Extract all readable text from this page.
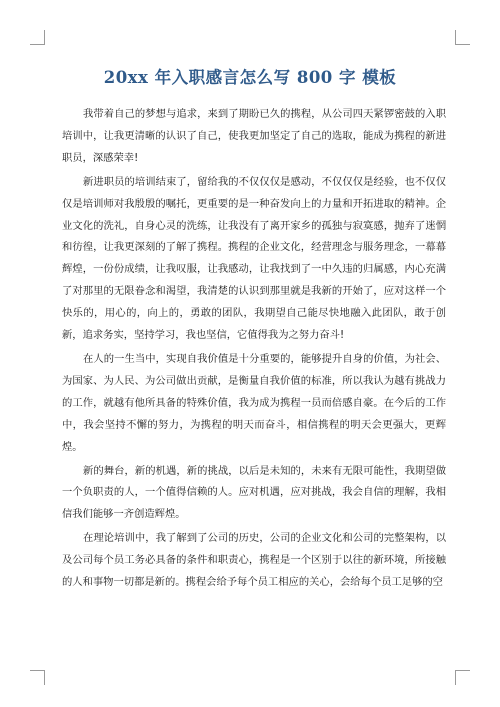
20xx 年入职感言怎么写 800 字 模板

我带着自己的梦想与追求，来到了期盼已久的携程，从公司四天紧锣密鼓的入职培训中，让我更清晰的认识了自己，使我更加坚定了自己的选取，能成为携程的新进职员，深感荣幸!

新进职员的培训结束了，留给我的不仅仅仅是感动，不仅仅仅是经验，也不仅仅仅是培训师对我殷殷的嘱托，更重要的是一种奋发向上的力量和开拓进取的精神。企业文化的洗礼，自身心灵的洗练，让我没有了离开家乡的孤独与寂寞感，抛弃了迷惘和彷徨，让我更深刻的了解了携程。携程的企业文化，经营理念与服务理念，一幕幕辉煌，一份份成绩，让我叹服，让我感动，让我找到了一中久违的归属感，内心充满了对那里的无限眷念和渴望，我清楚的认识到那里就是我新的开始了，应对这样一个快乐的，用心的，向上的，勇敢的团队，我期望自己能尽快地融入此团队，敢于创新，追求务实，坚持学习，我也坚信，它值得我为之努力奋斗!

在人的一生当中，实现自我价值是十分重要的，能够提升自身的价值，为社会、为国家、为人民、为公司做出贡献，是衡量自我价值的标准，所以我认为越有挑战力的工作，就越有他所具备的特殊价值，我为成为携程一员而倍感自豪。在今后的工作中，我会坚持不懈的努力，为携程的明天而奋斗，相信携程的明天会更强大，更辉煌。

新的舞台，新的机遇，新的挑战，以后是未知的，未来有无限可能性，我期望做一个负职责的人，一个值得信赖的人。应对机遇，应对挑战，我会自信的理解，我相信我们能够一齐创造辉煌。

在理论培训中，我了解到了公司的历史，公司的企业文化和公司的完整架构，以及公司每个员工务必具备的条件和职责心，携程是一个区别于以往的新环境，所接触的人和事物一切都是新的。携程会给予每个员工相应的关心，会给每个员工足够的空
